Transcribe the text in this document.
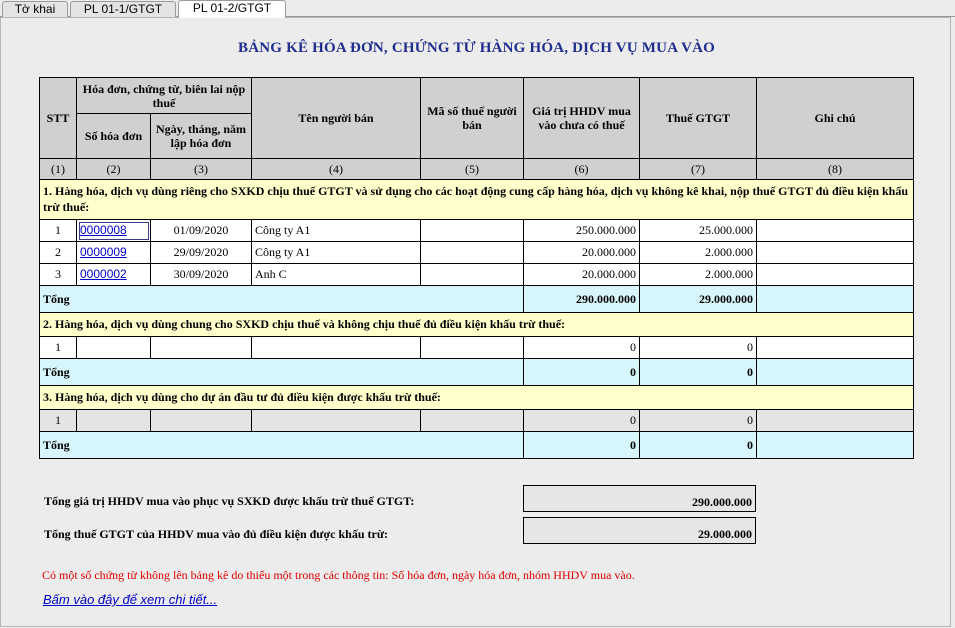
Tờ khai	PL 01-1/GTGT	PL 01-2/GTGT
BẢNG KÊ HÓA ĐƠN, CHỨNG TỪ HÀNG HÓA, DỊCH VỤ MUA VÀO
STT	Hóa đơn, chứng từ, biên lai nộp thuế		Tên người bán	Mã số thuế người bán	Giá trị HHDV mua vào chưa có thuế	Thuế GTGT	Ghi chú
	Số hóa đơn	Ngày, tháng, năm lập hóa đơn					
(1)	(2)	(3)	(4)	(5)	(6)	(7)	(8)
1. Hàng hóa, dịch vụ dùng riêng cho SXKD chịu thuế GTGT và sử dụng cho các hoạt động cung cấp hàng hóa, dịch vụ không kê khai, nộp thuế GTGT đủ điều kiện khấu trừ thuế:							
1	0000008	01/09/2020	Công ty A1		250.000.000	25.000.000	
2	0000009	29/09/2020	Công ty A1		20.000.000	2.000.000	
3	0000002	30/09/2020	Anh C		20.000.000	2.000.000	
Tổng					290.000.000	29.000.000	
2. Hàng hóa, dịch vụ dùng chung cho SXKD chịu thuế và không chịu thuế đủ điều kiện khấu trừ thuế:							
1					0	0	
Tổng					0	0	
3. Hàng hóa, dịch vụ dùng cho dự án đầu tư đủ điều kiện được khấu trừ thuế:							
1					0	0	
Tổng					0	0	
Tổng giá trị HHDV mua vào phục vụ SXKD được khấu trừ thuế GTGT:	290.000.000
Tổng thuế GTGT của HHDV mua vào đủ điều kiện được khấu trừ:	29.000.000
Có một số chứng từ không lên bảng kê do thiếu một trong các thông tin: Số hóa đơn, ngày hóa đơn, nhóm HHDV mua vào.
Bấm vào đây để xem chi tiết...
